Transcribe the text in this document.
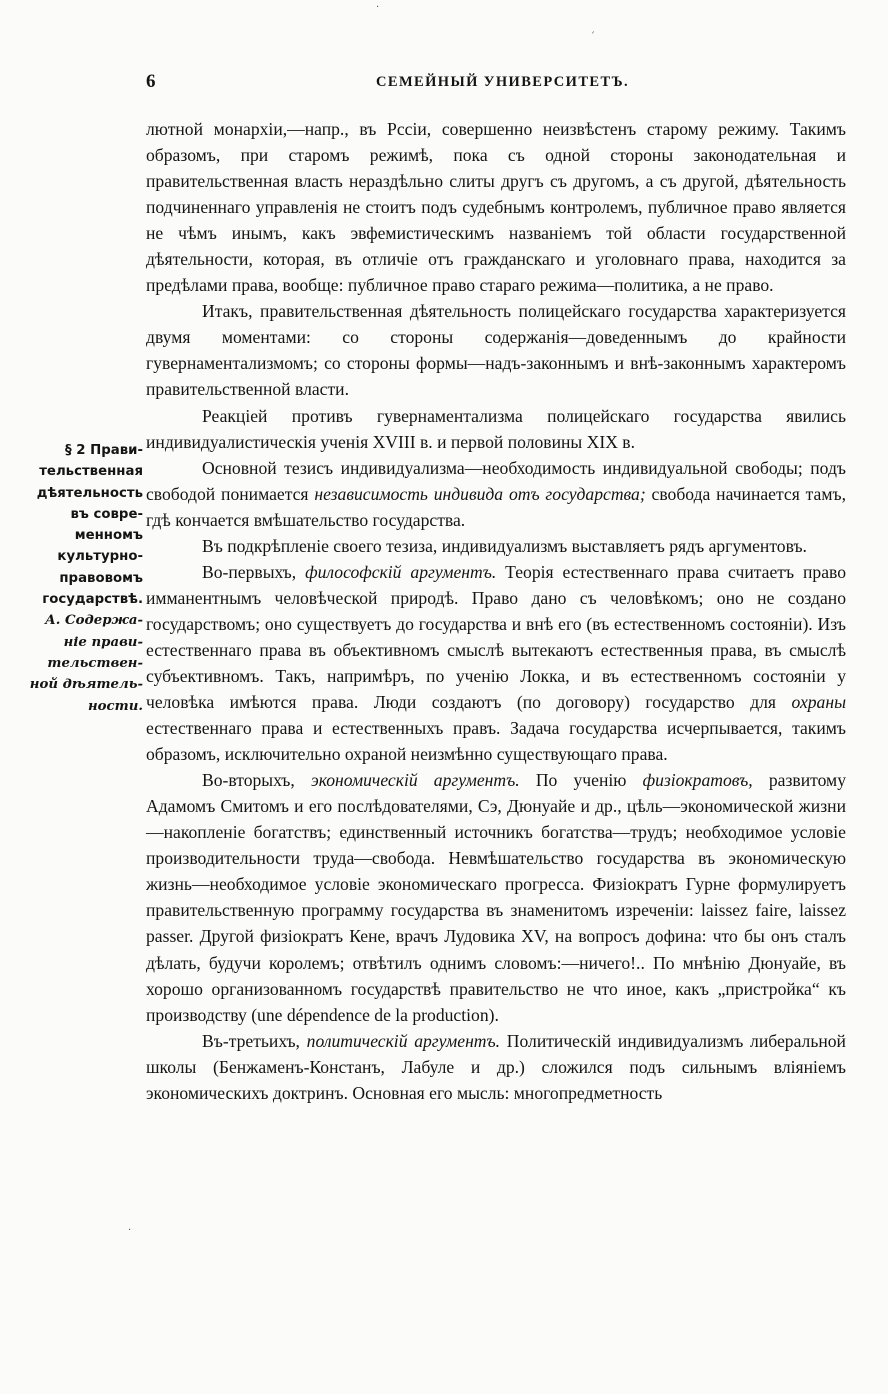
·
ˊ
·
6	СЕМЕЙНЫЙ УНИВЕРСИТЕТЪ.
§ 2 Прави-
тельственная
дѣятельность
въ совре-
менномъ
культурно-
правовомъ
государствѣ.
А. Содержа-
ніе прави-
тельствен-
ной дѣятель-
ности.

лютной монархіи,—напр., въ Рссіи, совершенно неизвѣстенъ старому режиму. Такимъ образомъ, при старомъ режимѣ, пока съ одной стороны законодательная и правительственная власть нераздѣльно слиты другъ съ другомъ, а съ другой, дѣятельность подчиненнаго управленія не стоитъ подъ судебнымъ контролемъ, публичное право является не чѣмъ инымъ, какъ эвфемистическимъ названіемъ той области государственной дѣятельности, которая, въ отличіе отъ гражданскаго и уголовнаго права, находится за предѣлами права, вообще: публичное право стараго режима—политика, а не право.

Итакъ, правительственная дѣятельность полицейскаго государства характеризуется двумя моментами: со стороны содержанія—доведеннымъ до крайности гувернаментализмомъ; со стороны формы—надъ-законнымъ и внѣ-законнымъ характеромъ правительственной власти.

Реакціей противъ гувернаментализма полицейскаго государства явились индивидуалистическія ученія XVIII в. и первой половины XIX в.

Основной тезисъ индивидуализма—необходимость индивидуальной свободы; подъ свободой понимается независимость индивида отъ государства; свобода начинается тамъ, гдѣ кончается вмѣшательство государства.

Въ подкрѣпленіе своего тезиза, индивидуализмъ выставляетъ рядъ аргументовъ.

Во-первыхъ, философскій аргументъ. Теорія естественнаго права считаетъ право имманентнымъ человѣческой природѣ. Право дано съ человѣкомъ; оно не создано государствомъ; оно существуетъ до государства и внѣ его (въ естественномъ состояніи). Изъ естественнаго права въ объективномъ смыслѣ вытекаютъ естественныя права, въ смыслѣ субъективномъ. Такъ, напримѣръ, по ученію Локка, и въ естественномъ состояніи у человѣка имѣются права. Люди создаютъ (по договору) государство для охраны естественнаго права и естественныхъ правъ. Задача государства исчерпывается, такимъ образомъ, исключительно охраной неизмѣнно существующаго права.

Во-вторыхъ, экономическій аргументъ. По ученію физіократовъ, развитому Адамомъ Смитомъ и его послѣдователями, Сэ, Дюнуайе и др., цѣль—экономической жизни—накопленіе богатствъ; единственный источникъ богатства—трудъ; необходимое условіе производительности труда—свобода. Невмѣшательство государства въ экономическую жизнь—необходимое условіе экономическаго прогресса. Физіократъ Гурне формулируетъ правительственную программу государства въ знаменитомъ изреченіи: laissez faire, laissez passer. Другой физіократъ Кене, врачъ Лудовика XV, на вопросъ дофина: что бы онъ сталъ дѣлать, будучи королемъ; отвѣтилъ однимъ словомъ:—ничего!.. По мнѣнію Дюнуайе, въ хорошо организованномъ государствѣ правительство не что иное, какъ „пристройка“ къ производству (une dépendence de la production).

Въ-третьихъ, политическій аргументъ. Политическій индивидуализмъ либеральной школы (Бенжаменъ-Констанъ, Лабуле и др.) сложился подъ сильнымъ вліяніемъ экономическихъ доктринъ. Основная его мысль: многопредметность
